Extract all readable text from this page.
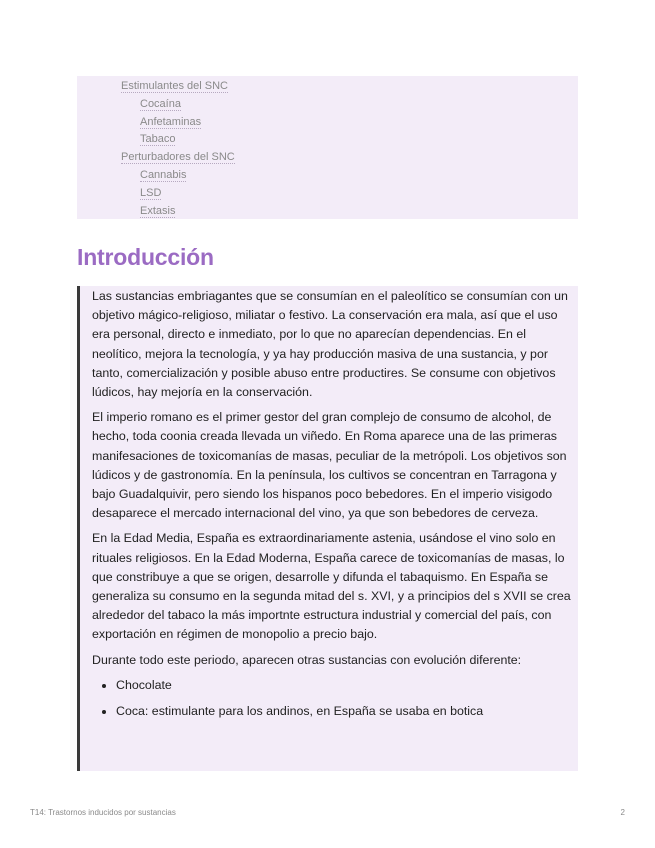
Estimulantes del SNC
Cocaína
Anfetaminas
Tabaco
Perturbadores del SNC
Cannabis
LSD
Extasis
Introducción

Las sustancias embriagantes que se consumían en el paleolítico se consumían con un objetivo mágico-religioso, miliatar o festivo. La conservación era mala, así que el uso era personal, directo e inmediato, por lo que no aparecían dependencias. En el neolítico, mejora la tecnología, y ya hay producción masiva de una sustancia, y por tanto, comercialización y posible abuso entre productires. Se consume con objetivos lúdicos, hay mejoría en la conservación.

El imperio romano es el primer gestor del gran complejo de consumo de alcohol, de hecho, toda coonia creada llevada un viñedo. En Roma aparece una de las primeras manifesaciones de toxicomanías de masas, peculiar de la metrópoli. Los objetivos son lúdicos y de gastronomía. En la península, los cultivos se concentran en Tarragona y bajo Guadalquivir, pero siendo los hispanos poco bebedores. En el imperio visigodo desaparece el mercado internacional del vino, ya que son bebedores de cerveza.

En la Edad Media, España es extraordinariamente astenia, usándose el vino solo en rituales religiosos. En la Edad Moderna, España carece de toxicomanías de masas, lo que constribuye a que se origen, desarrolle y difunda el tabaquismo. En España se generaliza su consumo en la segunda mitad del s. XVI, y a principios del s XVII se crea alrededor del tabaco la más importnte estructura industrial y comercial del país, con exportación en régimen de monopolio a precio bajo.

Durante todo este periodo, aparecen otras sustancias con evolución diferente:

• Chocolate
• Coca: estimulante para los andinos, en España se usaba en botica
T14: Trastornos inducidos por sustancias	2
